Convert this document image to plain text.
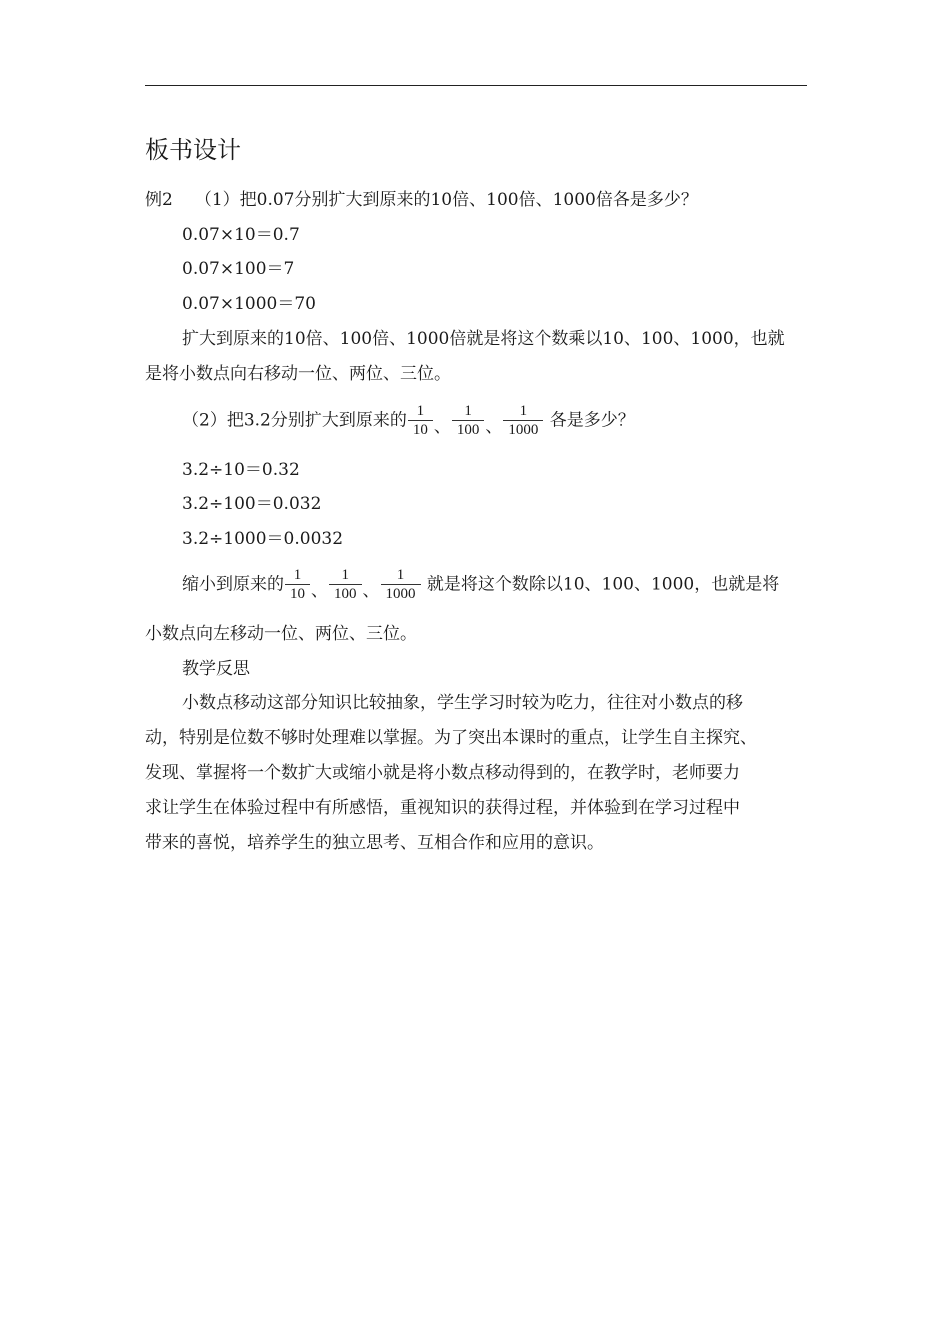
板书设计
例2 （1）把0.07分别扩大到原来的10倍、100倍、1000倍各是多少？
0.07×10＝0.7
0.07×100＝7
0.07×1000＝70
扩大到原来的10倍、100倍、1000倍就是将这个数乘以10、100、1000，也就
是将小数点向右移动一位、两位、三位。
（2）把3.2分别扩大到原来的 $\frac{1}{10}$ 、 $\frac{1}{100}$ 、 $\frac{1}{1000}$ 各是多少？
3.2÷10＝0.32
3.2÷100＝0.032
3.2÷1000＝0.0032
缩小到原来的 $\frac{1}{10}$ 、 $\frac{1}{100}$ 、 $\frac{1}{1000}$ 就是将这个数除以10、100、1000，也就是将
小数点向左移动一位、两位、三位。
教学反思
小数点移动这部分知识比较抽象，学生学习时较为吃力，往往对小数点的移
动，特别是位数不够时处理难以掌握。为了突出本课时的重点，让学生自主探究、
发现、掌握将一个数扩大或缩小就是将小数点移动得到的，在教学时，老师要力
求让学生在体验过程中有所感悟，重视知识的获得过程，并体验到在学习过程中
带来的喜悦，培养学生的独立思考、互相合作和应用的意识。
